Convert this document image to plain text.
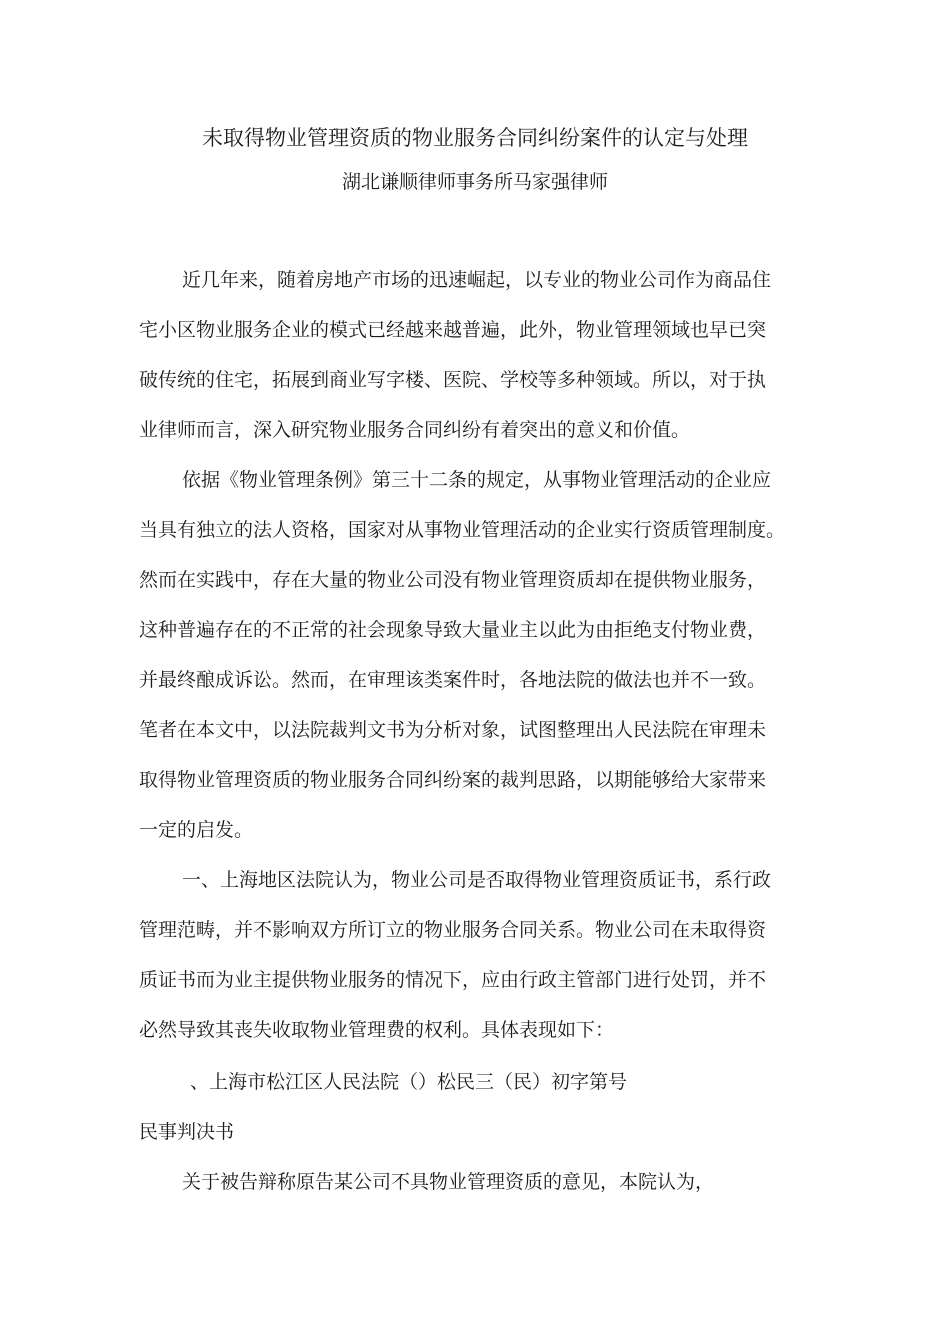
未取得物业管理资质的物业服务合同纠纷案件的认定与处理
湖北谦顺律师事务所马家强律师
近几年来，随着房地产市场的迅速崛起，以专业的物业公司作为商品住
宅小区物业服务企业的模式已经越来越普遍，此外，物业管理领域也早已突
破传统的住宅，拓展到商业写字楼、医院、学校等多种领域。所以，对于执
业律师而言，深入研究物业服务合同纠纷有着突出的意义和价值。
依据《物业管理条例》第三十二条的规定，从事物业管理活动的企业应
当具有独立的法人资格，国家对从事物业管理活动的企业实行资质管理制度。
然而在实践中，存在大量的物业公司没有物业管理资质却在提供物业服务，
这种普遍存在的不正常的社会现象导致大量业主以此为由拒绝支付物业费，
并最终酿成诉讼。然而，在审理该类案件时，各地法院的做法也并不一致。
笔者在本文中，以法院裁判文书为分析对象，试图整理出人民法院在审理未
取得物业管理资质的物业服务合同纠纷案的裁判思路，以期能够给大家带来
一定的启发。
一、上海地区法院认为，物业公司是否取得物业管理资质证书，系行政
管理范畴，并不影响双方所订立的物业服务合同关系。物业公司在未取得资
质证书而为业主提供物业服务的情况下，应由行政主管部门进行处罚，并不
必然导致其丧失收取物业管理费的权利。具体表现如下：
、上海市松江区人民法院（）松民三（民）初字第号
民事判决书
关于被告辩称原告某公司不具物业管理资质的意见，本院认为，
